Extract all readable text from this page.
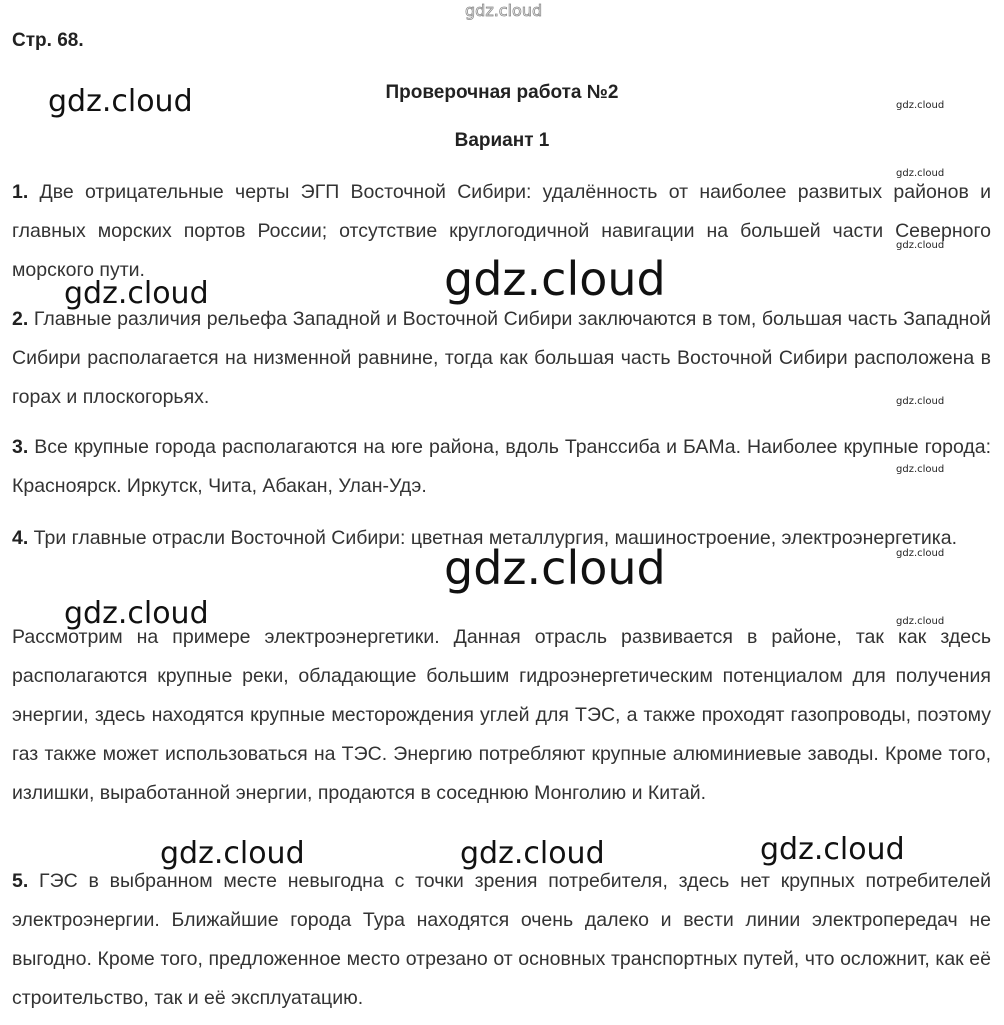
gdz.cloud
gdz.cloud	gdz.cloud
gdz.cloud
gdz.cloud
gdz.cloud
gdz.cloud
gdz.cloud
gdz.cloud
gdz.cloud
gdz.cloud
gdz.cloud	gdz.cloud
gdz.cloud	gdz.cloud	gdz.cloud
Стр. 68.
Проверочная работа №2
Вариант 1
1. Две отрицательные черты ЭГП Восточной Сибири: удалённость от наиболее развитых районов и главных морских портов России; отсутствие круглогодичной навигации на большей части Северного морского пути.
2. Главные различия рельефа Западной и Восточной Сибири заключаются в том, большая часть Западной Сибири располагается на низменной равнине, тогда как большая часть Восточной Сибири расположена в горах и плоскогорьях.
3. Все крупные города располагаются на юге района, вдоль Транссиба и БАМа. Наиболее крупные города: Красноярск. Иркутск, Чита, Абакан, Улан-Удэ.
4. Три главные отрасли Восточной Сибири: цветная металлургия, машиностроение, электроэнергетика.
Рассмотрим на примере электроэнергетики. Данная отрасль развивается в районе, так как здесь располагаются крупные реки, обладающие большим гидроэнергетическим потенциалом для получения энергии, здесь находятся крупные месторождения углей для ТЭС, а также проходят газопроводы, поэтому газ также может использоваться на ТЭС. Энергию потребляют крупные алюминиевые заводы. Кроме того, излишки, выработанной энергии, продаются в соседнюю Монголию и Китай.
5. ГЭС в выбранном месте невыгодна с точки зрения потребителя, здесь нет крупных потребителей электроэнергии. Ближайшие города Тура находятся очень далеко и вести линии электропередач не выгодно. Кроме того, предложенное место отрезано от основных транспортных путей, что осложнит, как её строительство, так и её эксплуатацию.
